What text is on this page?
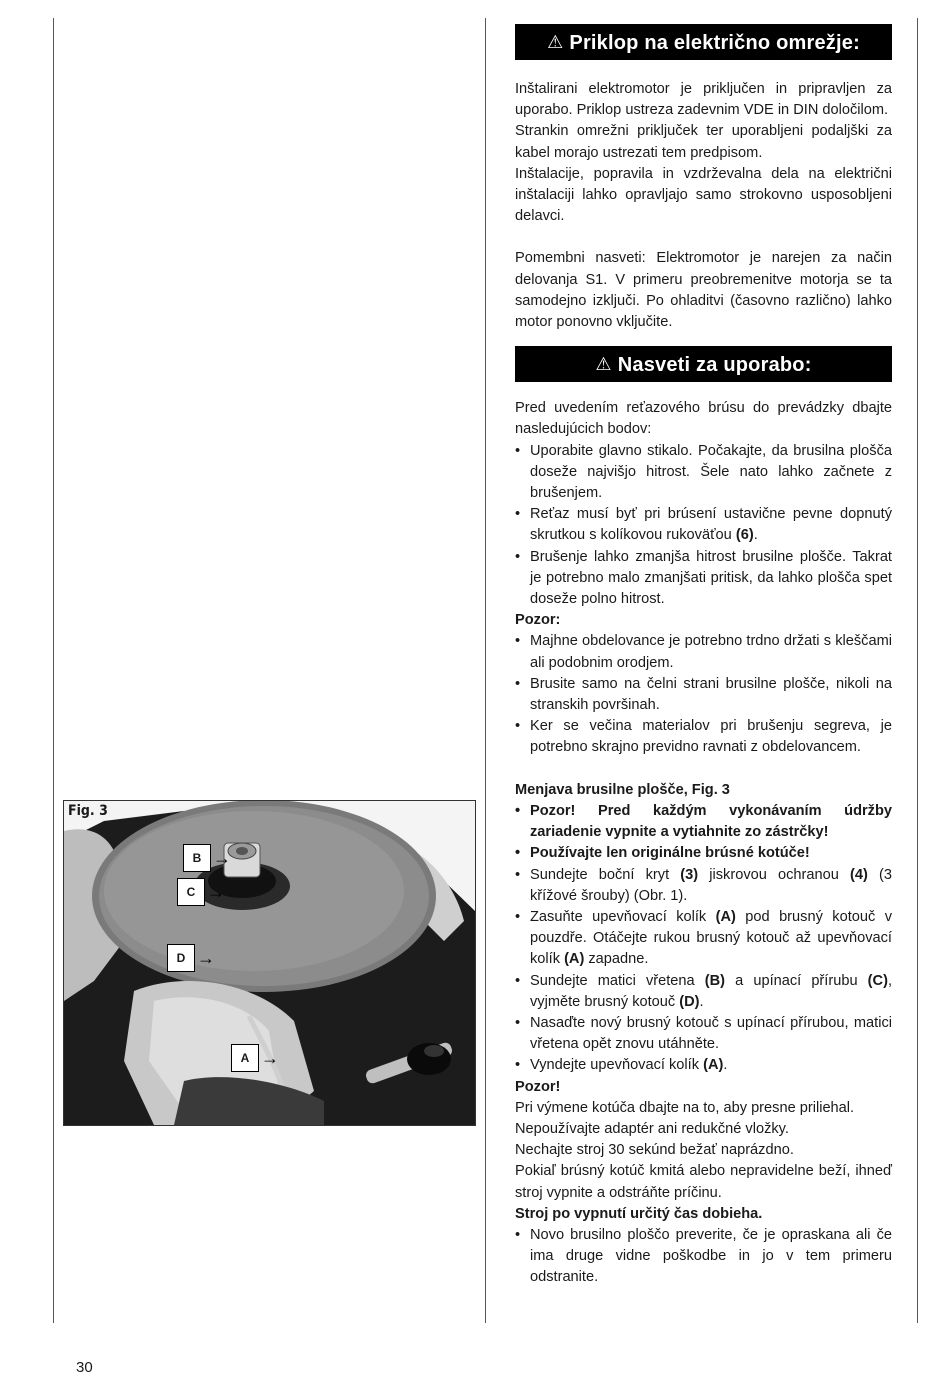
Fig. 3
B →
C →
D →
A →
⚠ Priklop na električno omrežje:

Inštalirani elektromotor je priključen in pripravljen za uporabo. Priklop ustreza zadevnim VDE in DIN določilom.

Strankin omrežni priključek ter uporabljeni podaljški za kabel morajo ustrezati tem predpisom.

Inštalacije, popravila in vzdrževalna dela na električni inštalaciji lahko opravljajo samo strokovno usposobljeni delavci.

Pomembni nasveti: Elektromotor je narejen za način delovanja S1. V primeru preobremenitve motorja se ta samodejno izklјuči. Po ohladitvi (časovno različno) lahko motor ponovno vključite.

⚠ Nasveti za uporabo:

Pred uvedením reťazového brúsu do prevádzky dbajte nasledujúcich bodov:

• Uporabite glavno stikalo. Počakajte, da brusilna plošča doseže najvišjo hitrost. Šele nato lahko začnete z brušenjem.
• Reťaz musí byť pri brúsení ustavične pevne dopnutý skrutkou s kolíkovou rukoväťou (6).
• Brušenje lahko zmanjša hitrost brusilne plošče. Takrat je potrebno malo zmanjšati pritisk, da lahko plošča spet doseže polno hitrost.

Pozor:

• Majhne obdelovance je potrebno trdno držati s kleščami ali podobnim orodjem.
• Brusite samo na čelni strani brusilne plošče, nikoli na stranskih površinah.
• Ker se večina materialov pri brušenju segreva, je potrebno skrajno previdno ravnati z obdelovancem.

Menjava brusilne plošče, Fig. 3

• Pozor! Pred každým vykonávaním údržby zariadenie vypnite a vytiahnite zo zástrčky!
• Používajte len originálne brúsné kotúče!
• Sundejte boční kryt (3) jiskrovou ochranou (4) (3 křížové šrouby) (Obr. 1).
• Zasuňte upevňovací kolík (A) pod brusný kotouč v pouzdře. Otáčejte rukou brusný kotouč až upevňovací kolík (A) zapadne.
• Sundejte matici vřetena (B) a upínací přírubu (C), vyjměte brusný kotouč (D).
• Nasaďte nový brusný kotouč s upínací přírubou, matici vřetena opět znovu utáhněte.
• Vyndejte upevňovací kolík (A).

Pozor!

Pri výmene kotúča dbajte na to, aby presne priliehal.

Nepoužívajte adaptér ani redukčné vložky.

Nechajte stroj 30 sekúnd bežať naprázdno.

Pokiaľ brúsný kotúč kmitá alebo nepravidelne beží, ihneď stroj vypnite a odstráňte príčinu.

Stroj po vypnutí určitý čas dobieha.

• Novo brusilno ploščo preverite, če je opraskana ali če ima druge vidne poškodbe in jo v tem primeru odstranite.
30
